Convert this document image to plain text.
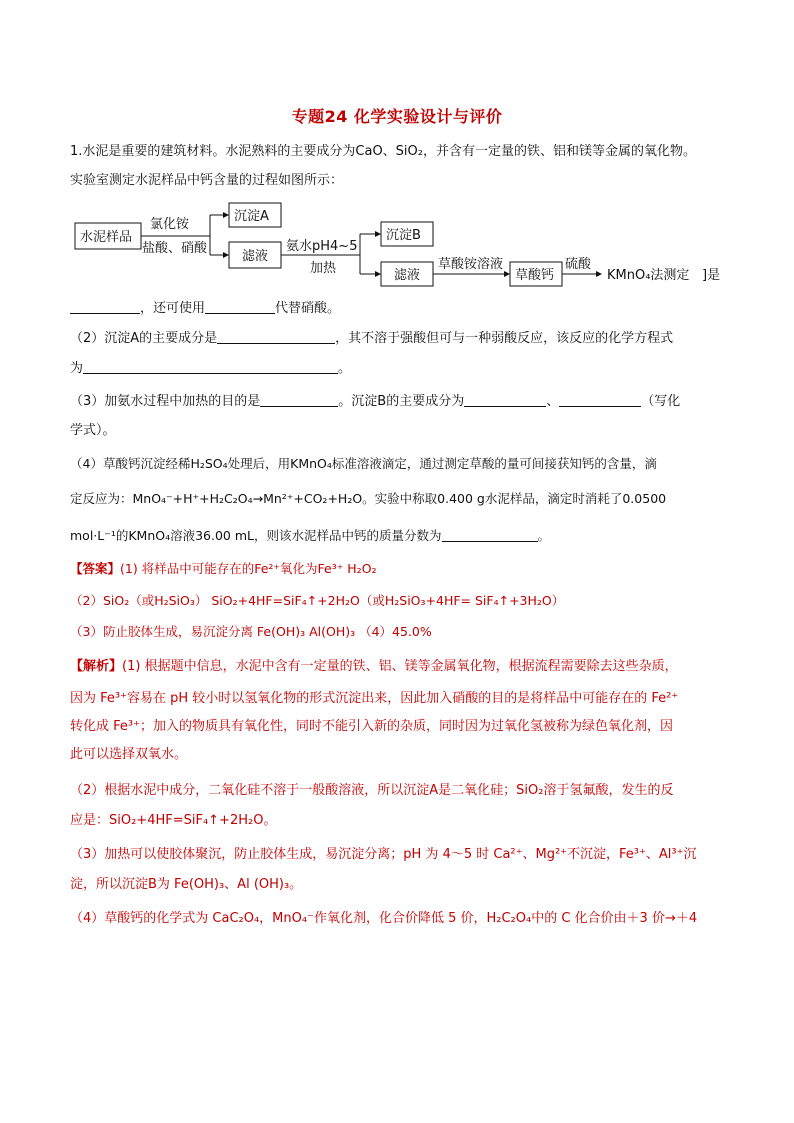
专题24 化学实验设计与评价
1.水泥是重要的建筑材料。水泥熟料的主要成分为CaO、SiO₂，并含有一定量的铁、铝和镁等金属的氧化物。
实验室测定水泥样品中钙含量的过程如图所示：
水泥样品
氯化铵
盐酸、硝酸
沉淀A
滤液
氨水pH4~5
加热
沉淀B
滤液
草酸铵溶液
草酸钙
硫酸
KMnO₄法测定 ]是
，还可使用	代替硝酸。
（2）沉淀A的主要成分是	，其不溶于强酸但可与一种弱酸反应，该反应的化学方程式
为	。
（3）加氨水过程中加热的目的是	。沉淀B的主要成分为	、	（写化
学式）。
（4）草酸钙沉淀经稀H₂SO₄处理后，用KMnO₄标准溶液滴定，通过测定草酸的量可间接获知钙的含量，滴
定反应为：MnO₄⁻+H⁺+H₂C₂O₄→Mn²⁺+CO₂+H₂O。实验中称取0.400 g水泥样品，滴定时消耗了0.0500
mol·L⁻¹的KMnO₄溶液36.00 mL，则该水泥样品中钙的质量分数为	。
【答案】(1) 将样品中可能存在的Fe²⁺氧化为Fe³⁺ H₂O₂
（2）SiO₂（或H₂SiO₃） SiO₂+4HF=SiF₄↑+2H₂O（或H₂SiO₃+4HF= SiF₄↑+3H₂O）
（3）防止胶体生成，易沉淀分离 Fe(OH)₃ Al(OH)₃ （4）45.0%
【解析】(1) 根据题中信息，水泥中含有一定量的铁、铝、镁等金属氧化物，根据流程需要除去这些杂质，
因为 Fe³⁺容易在 pH 较小时以氢氧化物的形式沉淀出来，因此加入硝酸的目的是将样品中可能存在的 Fe²⁺
转化成 Fe³⁺；加入的物质具有氧化性，同时不能引入新的杂质，同时因为过氧化氢被称为绿色氧化剂，因
此可以选择双氧水。
（2）根据水泥中成分，二氧化硅不溶于一般酸溶液，所以沉淀A是二氧化硅；SiO₂溶于氢氟酸，发生的反
应是：SiO₂+4HF=SiF₄↑+2H₂O。
（3）加热可以使胶体聚沉，防止胶体生成，易沉淀分离；pH 为 4～5 时 Ca²⁺、Mg²⁺不沉淀，Fe³⁺、Al³⁺沉
淀，所以沉淀B为 Fe(OH)₃、Al (OH)₃。
（4）草酸钙的化学式为 CaC₂O₄，MnO₄⁻作氧化剂，化合价降低 5 价，H₂C₂O₄中的 C 化合价由＋3 价→＋4
